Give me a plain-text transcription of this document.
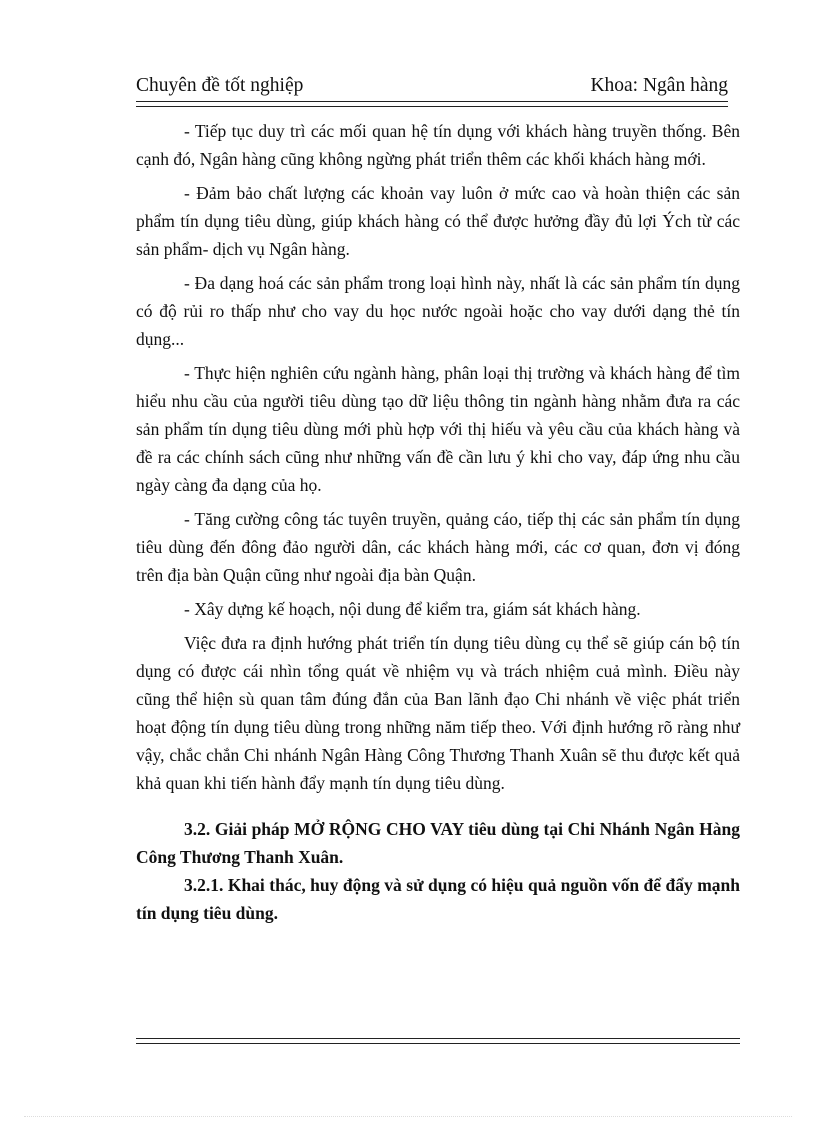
Chuyên đề tốt nghiệp	Khoa: Ngân hàng

- Tiếp tục duy trì các mối quan hệ tín dụng với khách hàng truyền thống. Bên cạnh đó, Ngân hàng cũng không ngừng phát triển thêm các khối khách hàng mới.

- Đảm bảo chất lượng các khoản vay luôn ở mức cao và hoàn thiện các sản phẩm tín dụng tiêu dùng, giúp khách hàng có thể được hưởng đầy đủ lợi Ých từ các sản phẩm- dịch vụ Ngân hàng.

- Đa dạng hoá các sản phẩm trong loại hình này, nhất là các sản phẩm tín dụng có độ rủi ro thấp như cho vay du học nước ngoài hoặc cho vay dưới dạng thẻ tín dụng...

- Thực hiện nghiên cứu ngành hàng, phân loại thị trường và khách hàng để tìm hiểu nhu cầu của người tiêu dùng tạo dữ liệu thông tin ngành hàng nhằm đưa ra các sản phẩm tín dụng tiêu dùng mới phù hợp với thị hiếu và yêu cầu của khách hàng và đề ra các chính sách cũng như những vấn đề cần lưu ý khi cho vay, đáp ứng nhu cầu ngày càng đa dạng của họ.

- Tăng cường công tác tuyên truyền, quảng cáo, tiếp thị các sản phẩm tín dụng tiêu dùng đến đông đảo người dân, các khách hàng mới, các cơ quan, đơn vị đóng trên địa bàn Quận cũng như ngoài địa bàn Quận.

- Xây dựng kế hoạch, nội dung để kiểm tra, giám sát khách hàng.

Việc đưa ra định hướng phát triển tín dụng tiêu dùng cụ thể sẽ giúp cán bộ tín dụng có được cái nhìn tổng quát về nhiệm vụ và trách nhiệm cuả mình. Điều này cũng thể hiện sù quan tâm đúng đắn của Ban lãnh đạo Chi nhánh về việc phát triển hoạt động tín dụng tiêu dùng trong những năm tiếp theo. Với định hướng rõ ràng như vậy, chắc chắn Chi nhánh Ngân Hàng Công Thương Thanh Xuân sẽ thu được kết quả khả quan khi tiến hành đẩy mạnh tín dụng tiêu dùng.

3.2. Giải pháp MỞ RỘNG CHO VAY tiêu dùng tại Chi Nhánh Ngân Hàng Công Thương Thanh Xuân.

3.2.1. Khai thác, huy động và sử dụng có hiệu quả nguồn vốn để đẩy mạnh tín dụng tiêu dùng.
